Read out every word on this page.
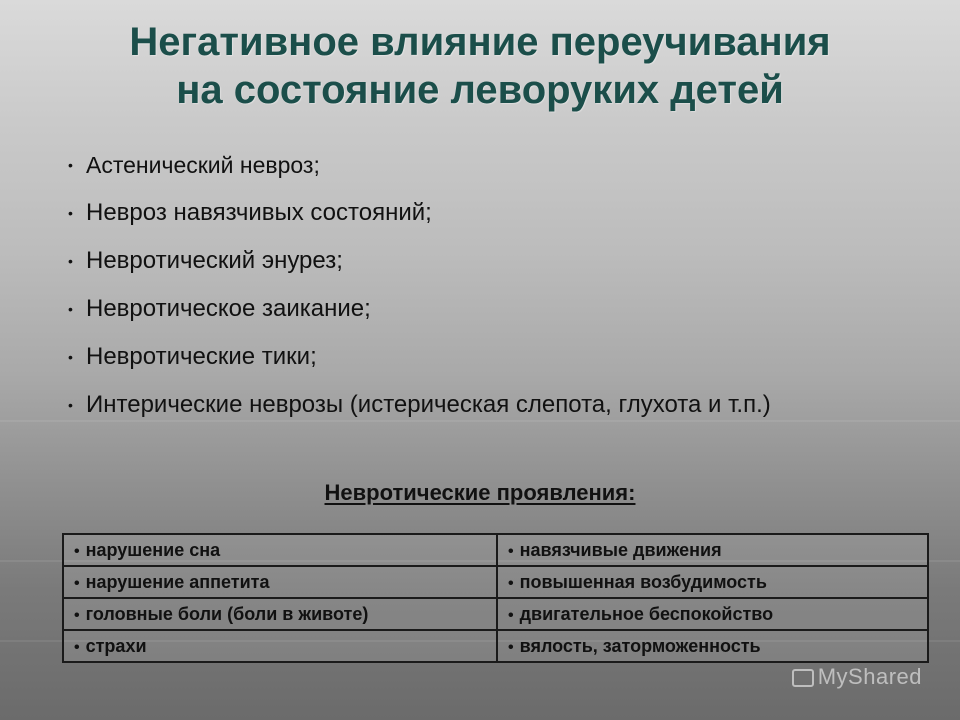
Негативное влияние переучивания
на состояние леворуких детей
• Астенический невроз;
• Невроз навязчивых состояний;
• Невротический энурез;
• Невротическое заикание;
• Невротические тики;
• Интерические неврозы (истерическая слепота, глухота и т.п.)
Невротические проявления:
• нарушение сна	• навязчивые движения
• нарушение аппетита	• повышенная возбудимость
• головные боли (боли в животе)	• двигательное беспокойство
• страхи	• вялость, заторможенность
MyShared
